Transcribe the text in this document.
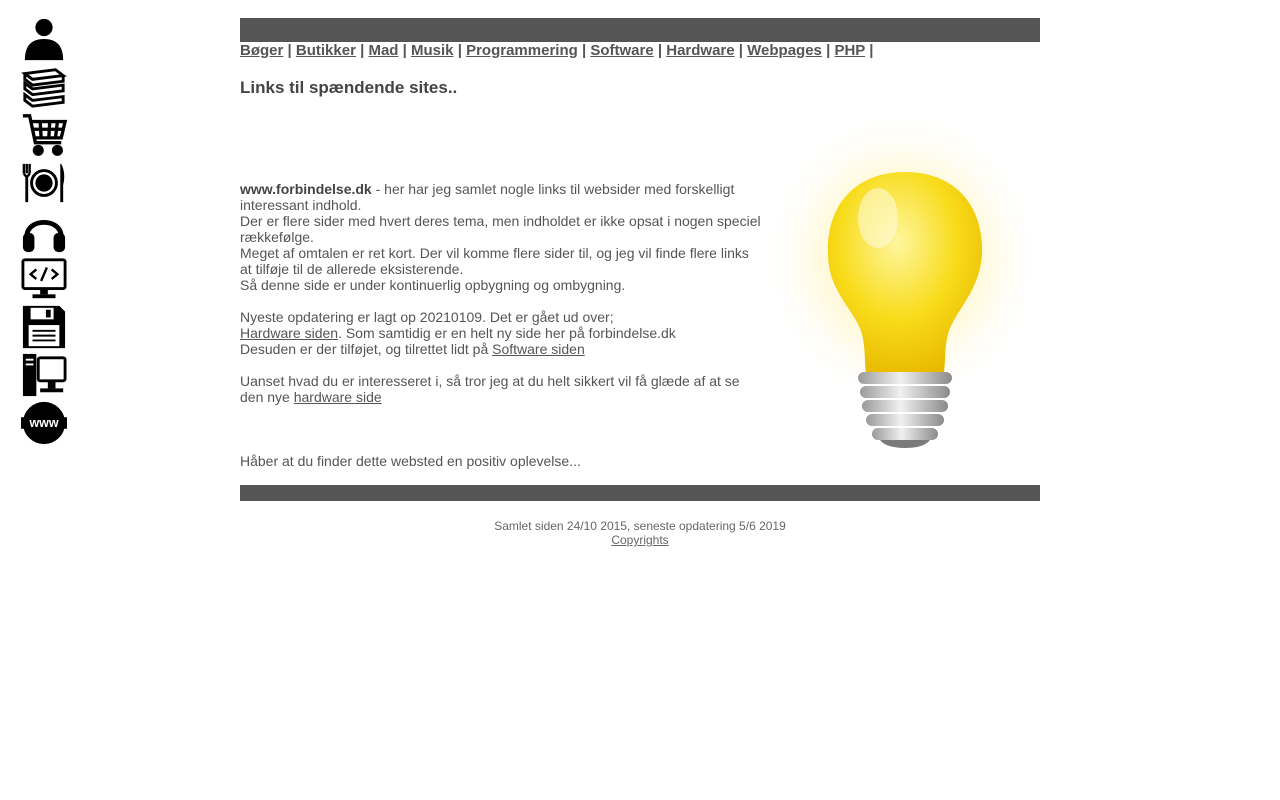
www
Bøger | Butikker | Mad | Musik | Programmering | Software | Hardware | Webpages | PHP |
Links til spændende sites..

www.forbindelse.dk - her har jeg samlet nogle links til websider med forskelligt interessant indhold.

Der er flere sider med hvert deres tema, men indholdet er ikke opsat i nogen speciel rækkefølge.

Meget af omtalen er ret kort. Der vil komme flere sider til, og jeg vil finde flere links at tilføje til de allerede eksisterende.

Så denne side er under kontinuerlig opbygning og ombygning.

Nyeste opdatering er lagt op 20210109. Det er gået ud over;

Hardware siden. Som samtidig er en helt ny side her på forbindelse.dk

Desuden er der tilføjet, og tilrettet lidt på Software siden

Uanset hvad du er interesseret i, så tror jeg at du helt sikkert vil få glæde af at se den nye hardware side

Håber at du finder dette websted en positiv oplevelse...

Samlet siden 24/10 2015, seneste opdatering 5/6 2019
Copyrights
